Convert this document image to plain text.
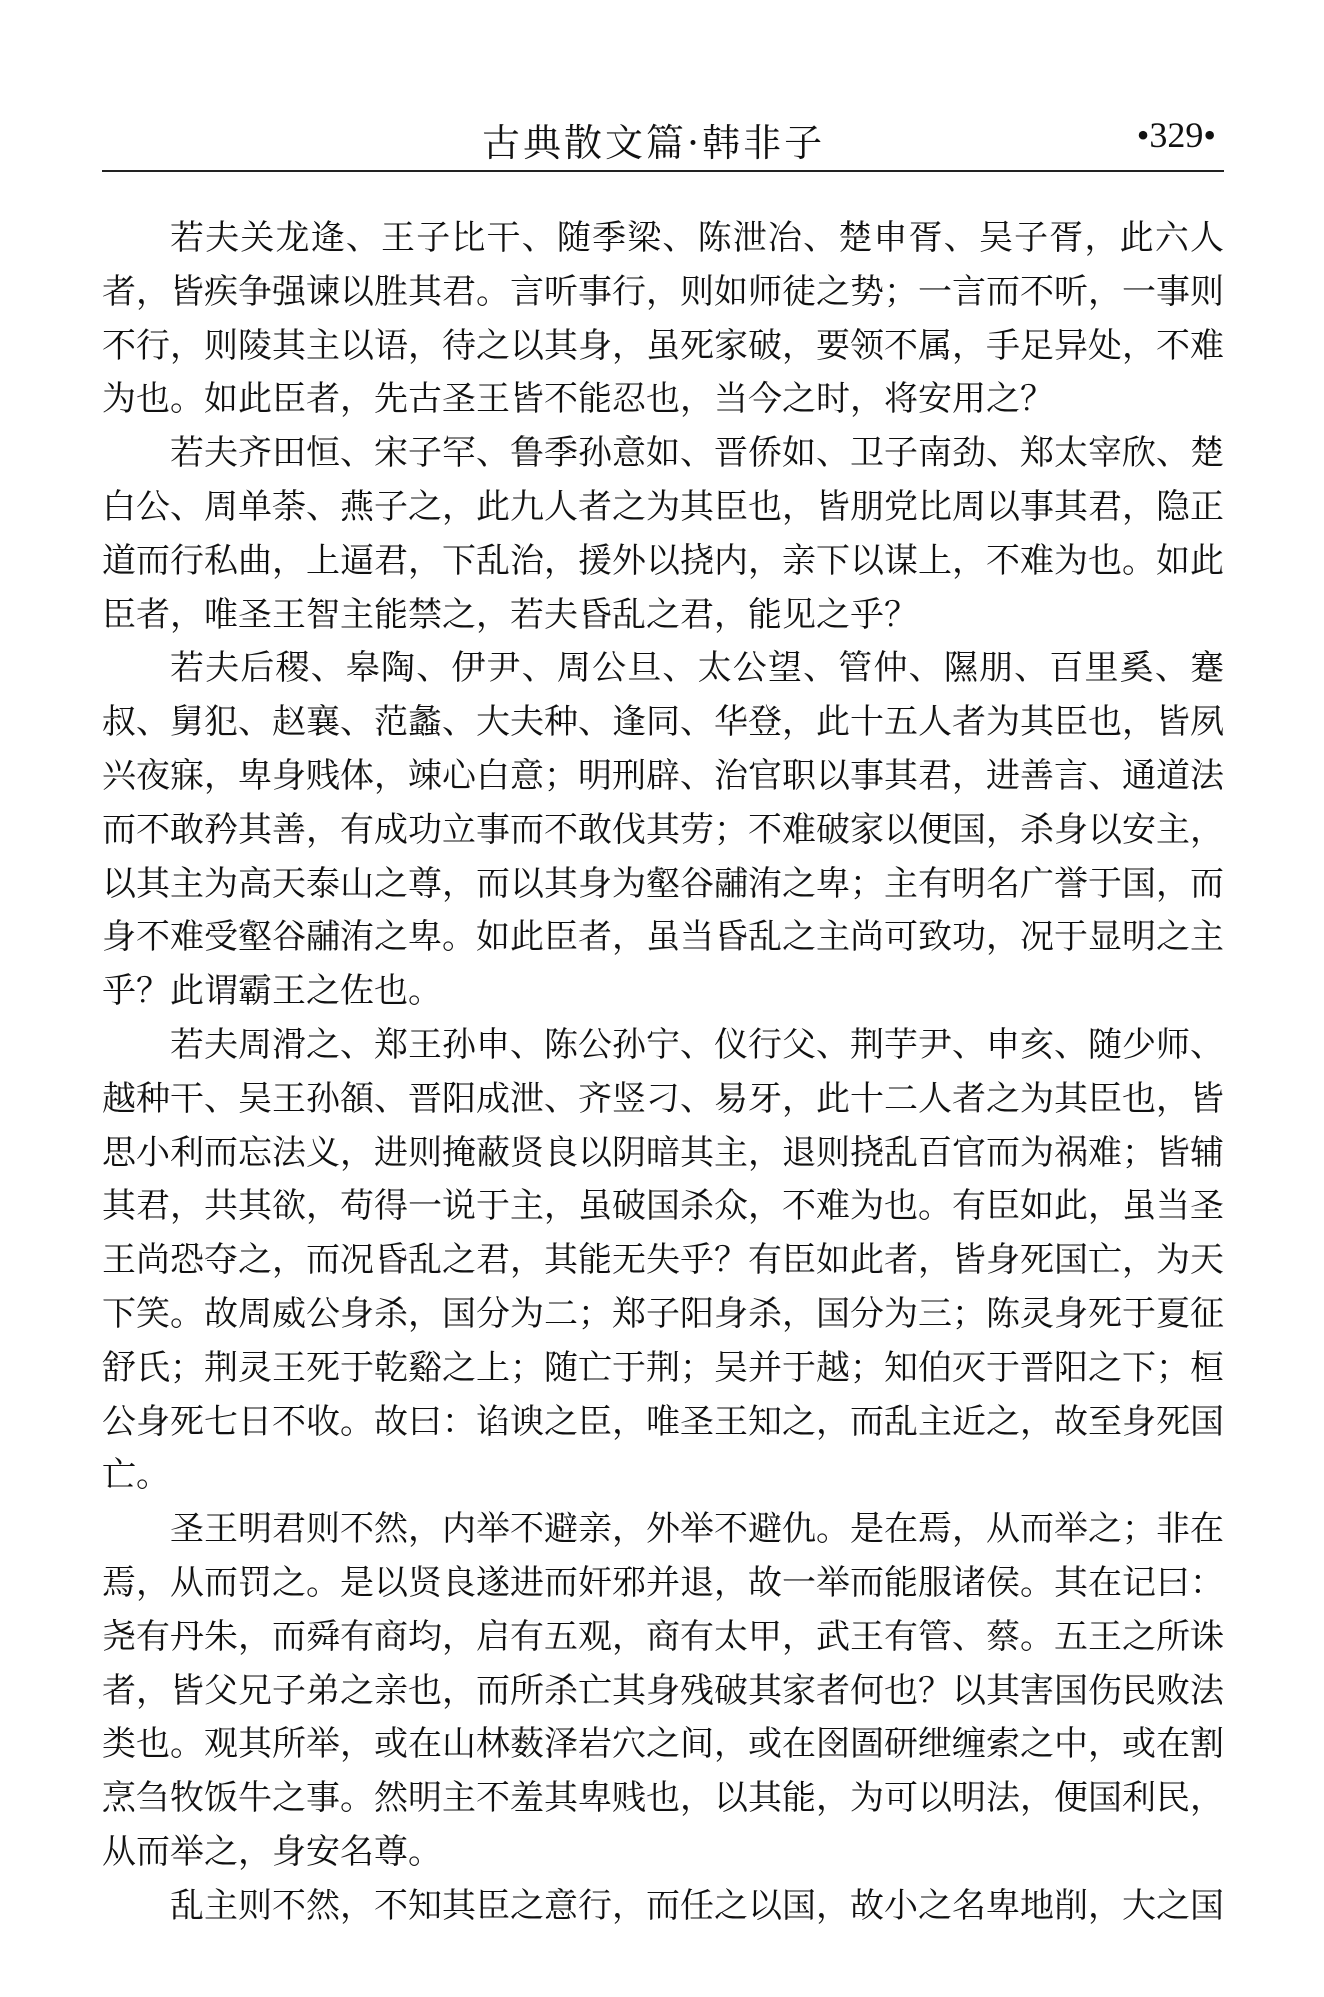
古典散文篇·韩非子	•329•

若夫关龙逄、王子比干、随季梁、陈泄冶、楚申胥、吴子胥，此六人者，皆疾争强谏以胜其君。言听事行，则如师徒之势；一言而不听，一事则不行，则陵其主以语，待之以其身，虽死家破，要领不属，手足异处，不难为也。如此臣者，先古圣王皆不能忍也，当今之时，将安用之？

若夫齐田恒、宋子罕、鲁季孙意如、晋侨如、卫子南劲、郑太宰欣、楚白公、周单荼、燕子之，此九人者之为其臣也，皆朋党比周以事其君，隐正道而行私曲，上逼君，下乱治，援外以挠内，亲下以谋上，不难为也。如此臣者，唯圣王智主能禁之，若夫昏乱之君，能见之乎？

若夫后稷、皋陶、伊尹、周公旦、太公望、管仲、隰朋、百里奚、蹇叔、舅犯、赵襄、范蠡、大夫种、逢同、华登，此十五人者为其臣也，皆夙兴夜寐，卑身贱体，竦心白意；明刑辟、治官职以事其君，进善言、通道法而不敢矜其善，有成功立事而不敢伐其劳；不难破家以便国，杀身以安主，以其主为高天泰山之尊，而以其身为壑谷鬴洧之卑；主有明名广誉于国，而身不难受壑谷鬴洧之卑。如此臣者，虽当昏乱之主尚可致功，况于显明之主乎？此谓霸王之佐也。

若夫周滑之、郑王孙申、陈公孙宁、仪行父、荆芋尹、申亥、随少师、越种干、吴王孙頟、晋阳成泄、齐竖刁、易牙，此十二人者之为其臣也，皆思小利而忘法义，进则掩蔽贤良以阴暗其主，退则挠乱百官而为祸难；皆辅其君，共其欲，苟得一说于主，虽破国杀众，不难为也。有臣如此，虽当圣王尚恐夺之，而况昏乱之君，其能无失乎？有臣如此者，皆身死国亡，为天下笑。故周威公身杀，国分为二；郑子阳身杀，国分为三；陈灵身死于夏征舒氏；荆灵王死于乾谿之上；随亡于荆；吴并于越；知伯灭于晋阳之下；桓公身死七日不收。故曰：谄谀之臣，唯圣王知之，而乱主近之，故至身死国亡。

圣王明君则不然，内举不避亲，外举不避仇。是在焉，从而举之；非在焉，从而罚之。是以贤良遂进而奸邪并退，故一举而能服诸侯。其在记曰：尧有丹朱，而舜有商均，启有五观，商有太甲，武王有管、蔡。五王之所诛者，皆父兄子弟之亲也，而所杀亡其身残破其家者何也？以其害国伤民败法类也。观其所举，或在山林薮泽岩穴之间，或在囹圄研绁缠索之中，或在割烹刍牧饭牛之事。然明主不羞其卑贱也，以其能，为可以明法，便国利民，从而举之，身安名尊。

乱主则不然，不知其臣之意行，而任之以国，故小之名卑地削，大之国
